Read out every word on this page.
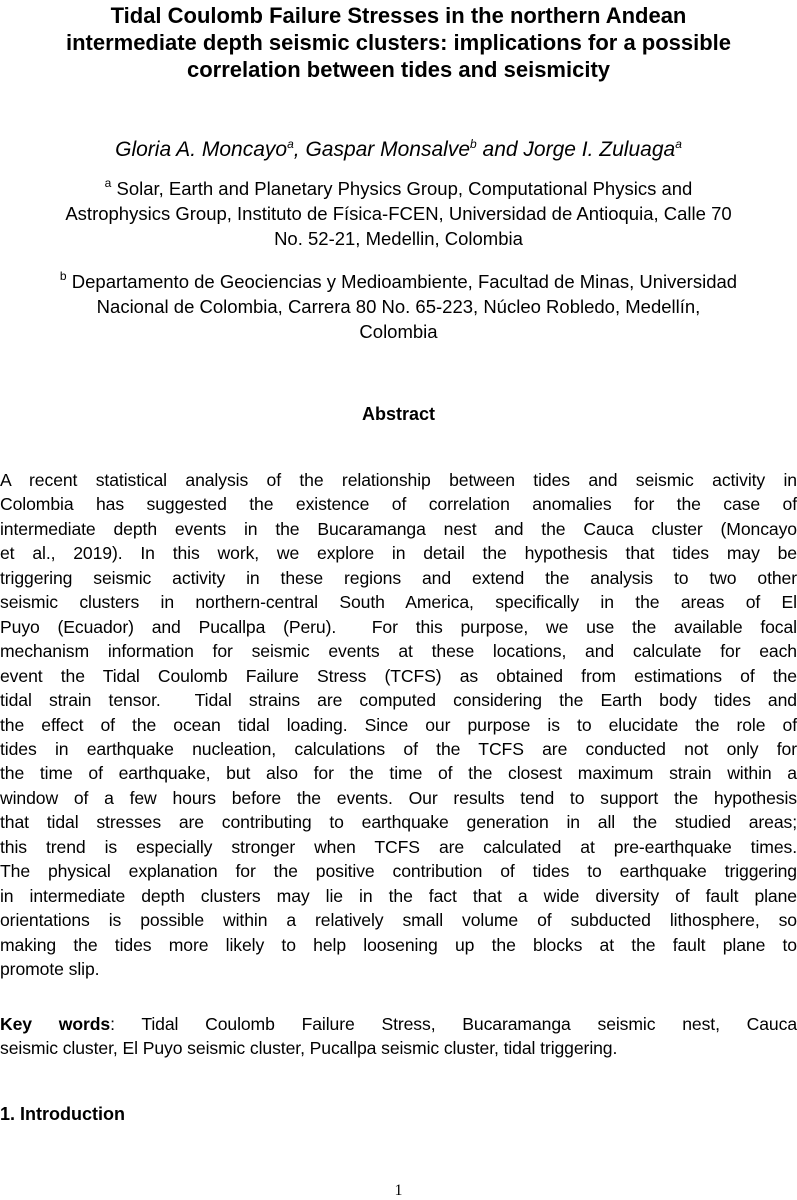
Tidal Coulomb Failure Stresses in the northern Andean
intermediate depth seismic clusters: implications for a possible
correlation between tides and seismicity
Gloria A. Moncayo$^a$, Gaspar Monsalve$^b$ and Jorge I. Zuluaga$^a$
$^a$ Solar, Earth and Planetary Physics Group, Computational Physics and
Astrophysics Group, Instituto de Física-FCEN, Universidad de Antioquia, Calle 70
No. 52-21, Medellin, Colombia
$^b$ Departamento de Geociencias y Medioambiente, Facultad de Minas, Universidad
Nacional de Colombia, Carrera 80 No. 65-223, Núcleo Robledo, Medellín,
Colombia
Abstract
A recent statistical analysis of the relationship between tides and seismic activity in
Colombia has suggested the existence of correlation anomalies for the case of
intermediate depth events in the Bucaramanga nest and the Cauca cluster (Moncayo
et al., 2019). In this work, we explore in detail the hypothesis that tides may be
triggering seismic activity in these regions and extend the analysis to two other
seismic clusters in northern-central South America, specifically in the areas of El
Puyo (Ecuador) and Pucallpa (Peru).  For this purpose, we use the available focal
mechanism information for seismic events at these locations, and calculate for each
event the Tidal Coulomb Failure Stress (TCFS) as obtained from estimations of the
tidal strain tensor.  Tidal strains are computed considering the Earth body tides and
the effect of the ocean tidal loading. Since our purpose is to elucidate the role of
tides in earthquake nucleation, calculations of the TCFS are conducted not only for
the time of earthquake, but also for the time of the closest maximum strain within a
window of a few hours before the events. Our results tend to support the hypothesis
that tidal stresses are contributing to earthquake generation in all the studied areas;
this trend is especially stronger when TCFS are calculated at pre-earthquake times.
The physical explanation for the positive contribution of tides to earthquake triggering
in intermediate depth clusters may lie in the fact that a wide diversity of fault plane
orientations is possible within a relatively small volume of subducted lithosphere, so
making the tides more likely to help loosening up the blocks at the fault plane to
promote slip.
Key words: Tidal Coulomb Failure Stress, Bucaramanga seismic nest, Cauca
seismic cluster, El Puyo seismic cluster, Pucallpa seismic cluster, tidal triggering.
1. Introduction
1
